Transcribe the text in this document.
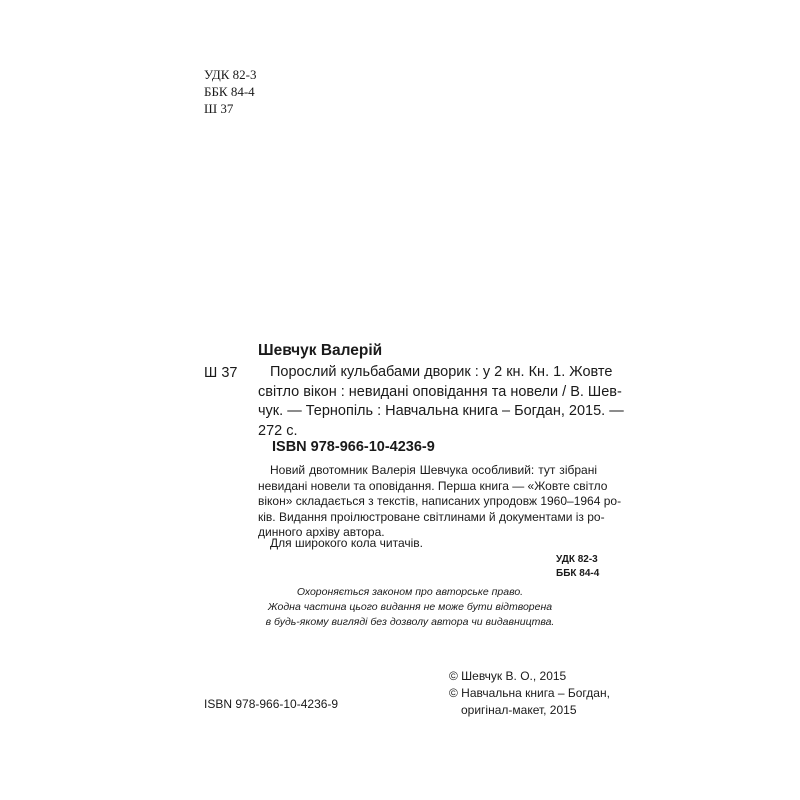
УДК 82-3
ББК 84-4
Ш 37
Шевчук Валерій
Ш 37	Порослий кульбабами дворик : у 2 кн. Кн. 1. Жовте
світло вікон : невидані оповідання та новели / В. Шев-
чук. — Тернопіль : Навчальна книга – Богдан, 2015. —
272 с.
ISBN 978-966-10-4236-9
Новий двотомник Валерія Шевчука особливий: тут зібрані
невидані новели та оповідання. Перша книга — «Жовте світло
вікон» складається з текстів, написаних упродовж 1960–1964 ро-
ків. Видання проілюстроване світлинами й документами із ро-
динного архіву автора.
Для широкого кола читачів.
УДК 82-3
ББК 84-4
Охороняється законом про авторське право.
Жодна частина цього видання не може бути відтворена
в будь-якому вигляді без дозволу автора чи видавництва.
ISBN 978-966-10-4236-9
© Шевчук В. О., 2015
© Навчальна книга – Богдан,
оригінал-макет, 2015
